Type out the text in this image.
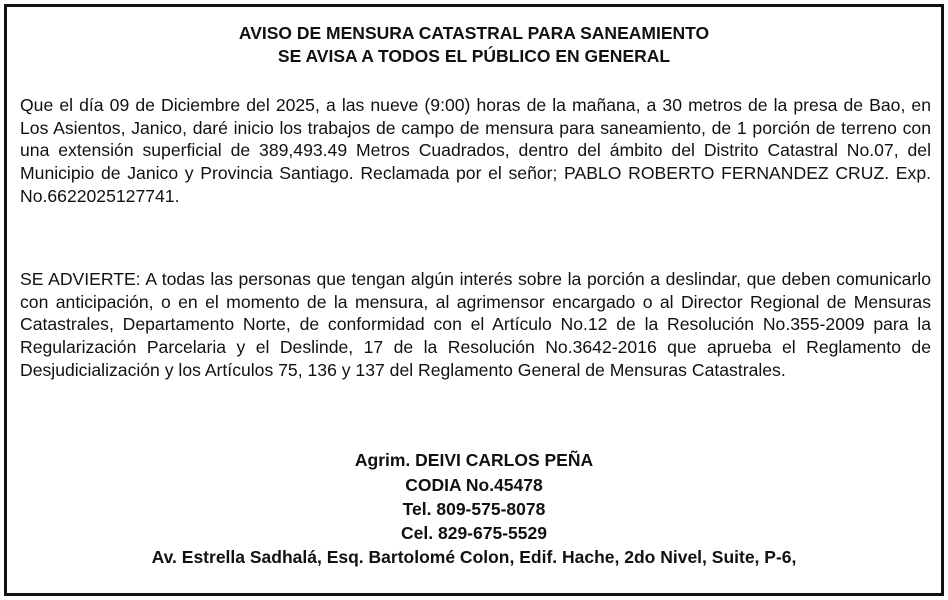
AVISO DE MENSURA CATASTRAL PARA SANEAMIENTO
SE AVISA A TODOS EL PÚBLICO EN GENERAL

Que el día 09 de Diciembre del 2025, a las nueve (9:00) horas de la mañana, a 30 metros de la presa de Bao, en Los Asientos, Janico, daré inicio los trabajos de campo de mensura para saneamiento, de 1 porción de terreno con una extensión superficial de 389,493.49 Metros Cuadrados, dentro del ámbito del Distrito Catastral No.07, del Municipio de Janico y Provincia Santiago. Reclamada por el señor; PABLO ROBERTO FERNANDEZ CRUZ. Exp. No.6622025127741.

SE ADVIERTE: A todas las personas que tengan algún interés sobre la porción a deslindar, que deben comunicarlo con anticipación, o en el momento de la mensura, al agrimensor encargado o al Director Regional de Mensuras Catastrales, Departamento Norte, de conformidad con el Artículo No.12 de la Resolución No.355-2009 para la Regularización Parcelaria y el Deslinde, 17 de la Resolución No.3642-2016 que aprueba el Reglamento de Desjudicialización y los Artículos 75, 136 y 137 del Reglamento General de Mensuras Catastrales.

Agrim. DEIVI CARLOS PEÑA
CODIA No.45478
Tel. 809-575-8078
Cel. 829-675-5529
Av. Estrella Sadhalá, Esq. Bartolomé Colon, Edif. Hache, 2do Nivel, Suite, P-6,
